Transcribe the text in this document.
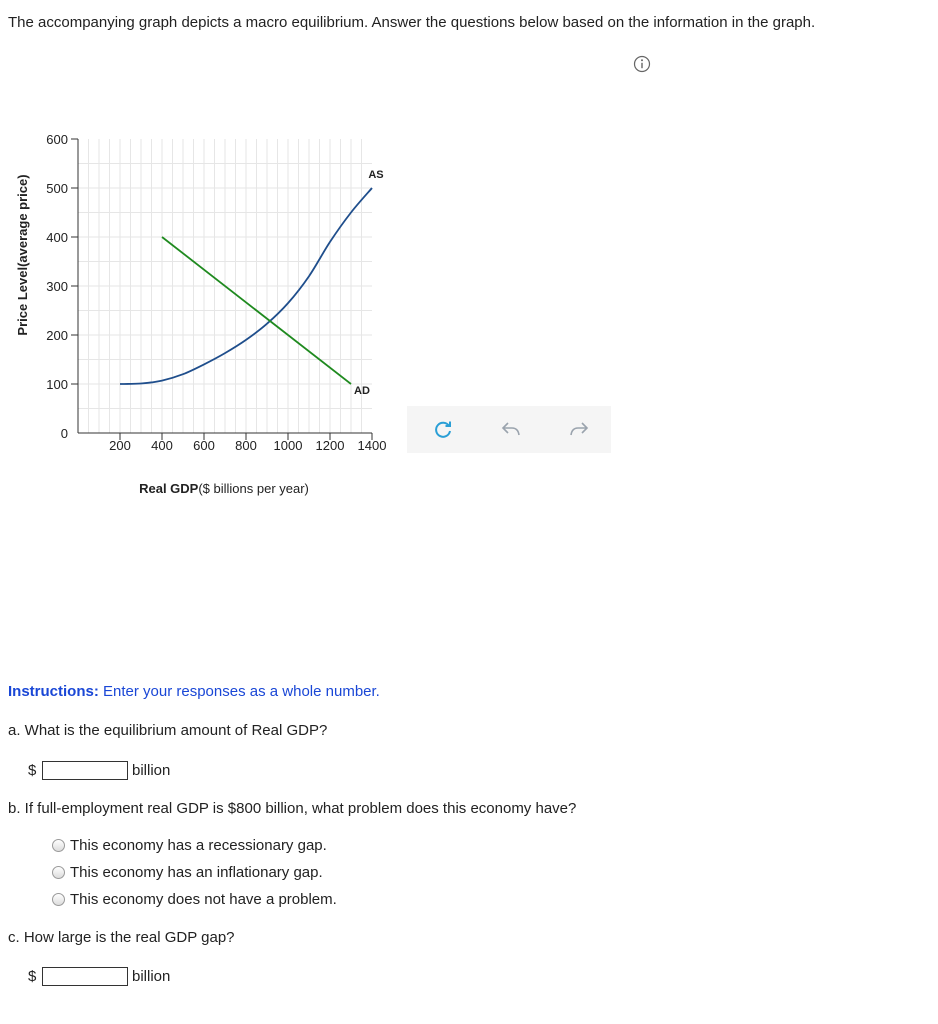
The accompanying graph depicts a macro equilibrium. Answer the questions below based on the information in the graph.
0
100
200
300
400
500
600
200 400 600 800 1000 1200 1400
AS
AD
Price Level(average price)
Real GDP($ billions per year)
Instructions: Enter your responses as a whole number.
a. What is the equilibrium amount of Real GDP?
$	billion
b. If full-employment real GDP is $800 billion, what problem does this economy have?
This economy has a recessionary gap.
This economy has an inflationary gap.
This economy does not have a problem.
c. How large is the real GDP gap?
$	billion
